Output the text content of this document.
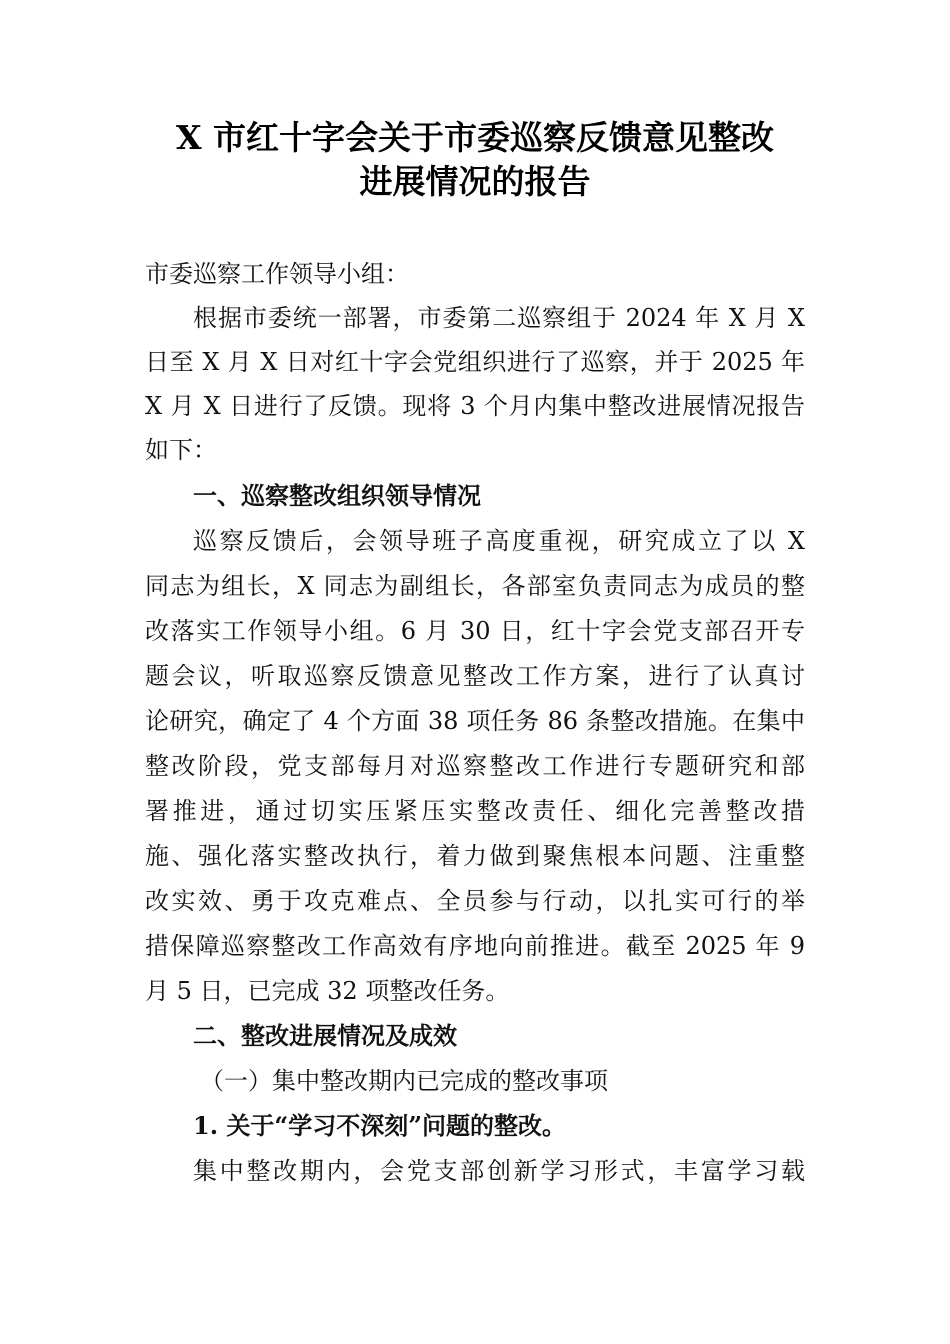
X 市红十字会关于市委巡察反馈意见整改
进展情况的报告
市委巡察工作领导小组：
根据市委统一部署，市委第二巡察组于 2024 年 X 月 X
日至 X 月 X 日对红十字会党组织进行了巡察，并于 2025 年
X 月 X 日进行了反馈。现将 3 个月内集中整改进展情况报告
如下：
一、巡察整改组织领导情况
巡察反馈后，会领导班子高度重视，研究成立了以 X
同志为组长，X 同志为副组长，各部室负责同志为成员的整
改落实工作领导小组。6 月 30 日，红十字会党支部召开专
题会议，听取巡察反馈意见整改工作方案，进行了认真讨
论研究，确定了 4 个方面 38 项任务 86 条整改措施。在集中
整改阶段，党支部每月对巡察整改工作进行专题研究和部
署推进，通过切实压紧压实整改责任、细化完善整改措
施、强化落实整改执行，着力做到聚焦根本问题、注重整
改实效、勇于攻克难点、全员参与行动，以扎实可行的举
措保障巡察整改工作高效有序地向前推进。截至 2025 年 9
月 5 日，已完成 32 项整改任务。
二、整改进展情况及成效
（一）集中整改期内已完成的整改事项
1. 关于“学习不深刻”问题的整改。
集中整改期内，会党支部创新学习形式，丰富学习载
